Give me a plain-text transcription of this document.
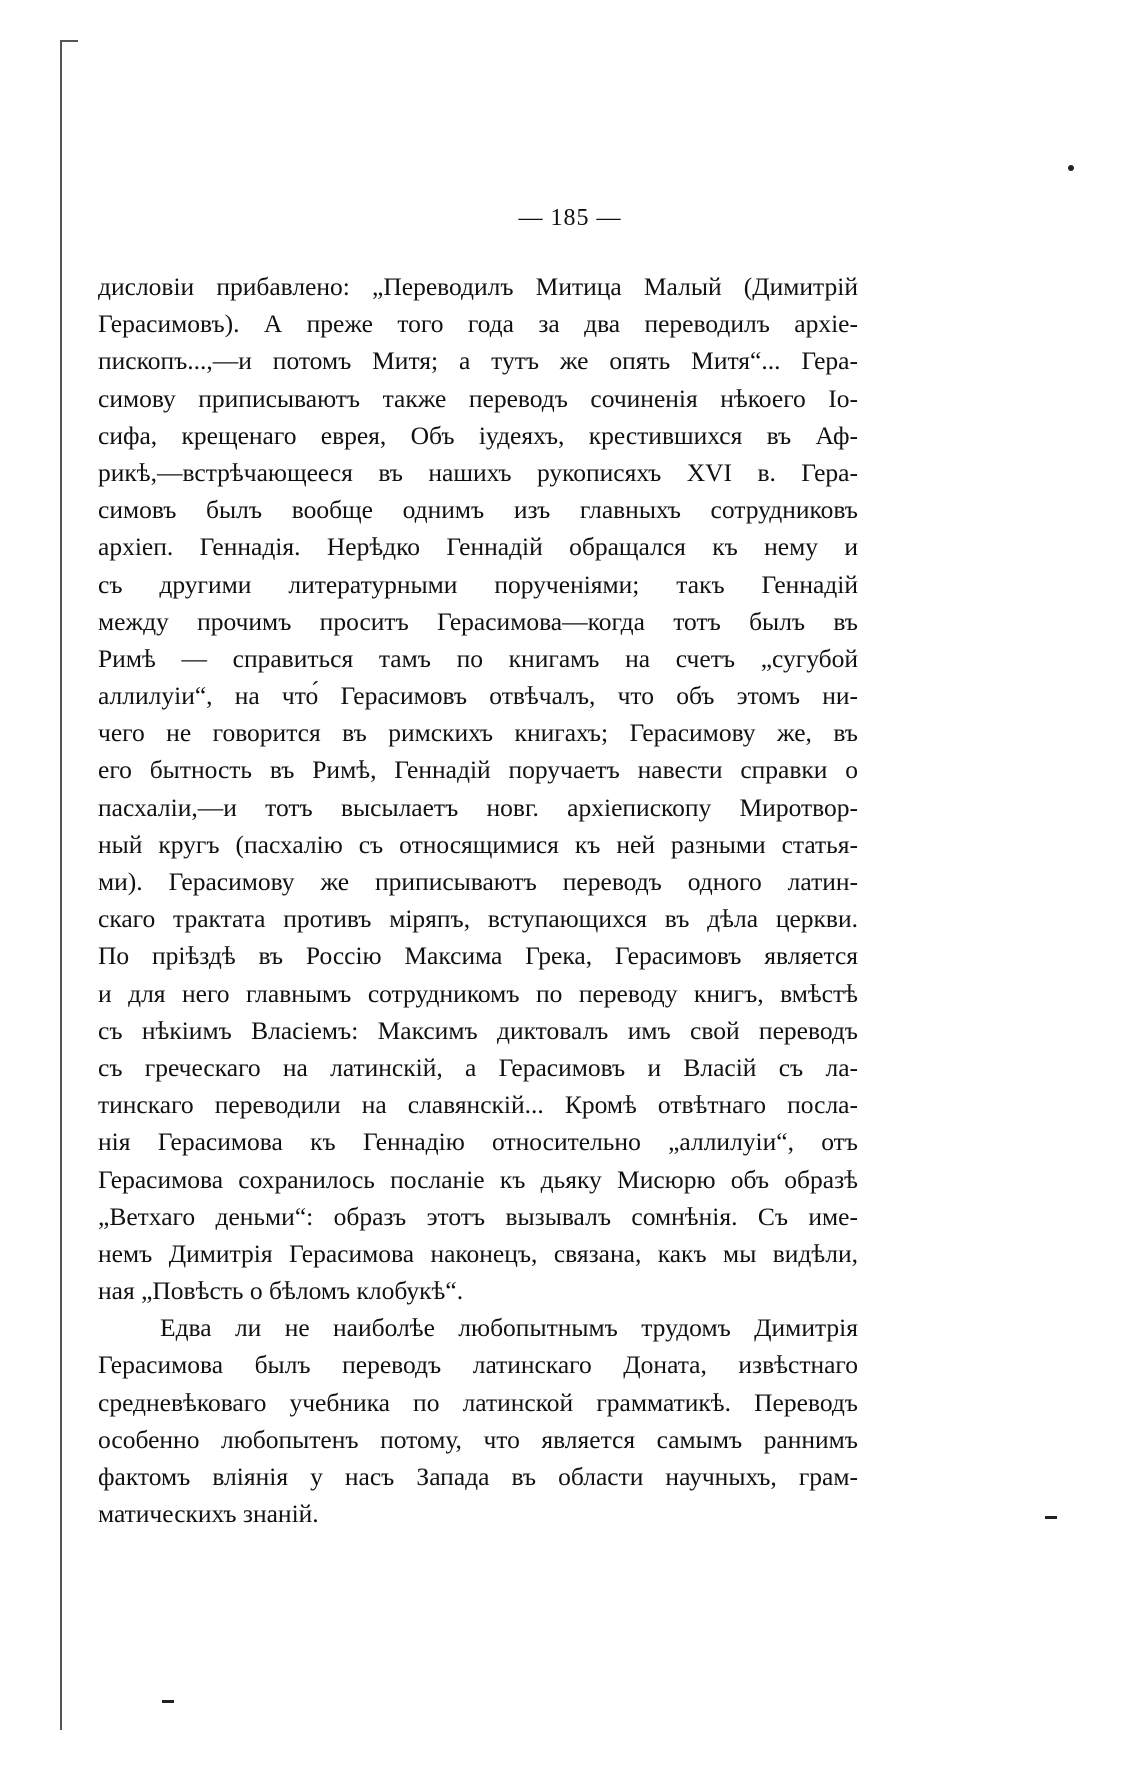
— 185 —
дисловіи прибавлено: „Переводилъ Митица Малый (Димитрій
Герасимовъ). А преже того года за два переводилъ архіе-
пископъ...,—и потомъ Митя; а тутъ же опять Митя“... Гера-
симову приписываютъ также переводъ сочиненія нѣкоего Іо-
сифа, крещенаго еврея, Объ іудеяхъ, крестившихся въ Аф-
рикѣ,—встрѣчающееся въ нашихъ рукописяхъ XVI в. Гера-
симовъ былъ вообще однимъ изъ главныхъ сотрудниковъ
архіеп. Геннадія. Нерѣдко Геннадій обращался къ нему и
съ другими литературными порученіями; такъ Геннадій
между прочимъ проситъ Герасимова—когда тотъ былъ въ
Римѣ — справиться тамъ по книгамъ на счетъ „сугубой
аллилуіи“, на что́ Герасимовъ отвѣчалъ, что объ этомъ ни-
чего не говорится въ римскихъ книгахъ; Герасимову же, въ
его бытность въ Римѣ, Геннадій поручаетъ навести справки о
пасхаліи,—и тотъ высылаетъ новг. архіепископу Миротвор-
ный кругъ (пасхалію съ относящимися къ ней разными статья-
ми). Герасимову же приписываютъ переводъ одного латин-
скаго трактата противъ міряпъ, вступающихся въ дѣла церкви.
По пріѣздѣ въ Россію Максима Грека, Герасимовъ является
и для него главнымъ сотрудникомъ по переводу книгъ, вмѣстѣ
съ нѣкіимъ Власіемъ: Максимъ диктовалъ имъ свой переводъ
съ греческаго на латинскій, а Герасимовъ и Власій съ ла-
тинскаго переводили на славянскій... Кромѣ отвѣтнаго посла-
нія Герасимова къ Геннадію относительно „аллилуіи“, отъ
Герасимова сохранилось посланіе къ дьяку Мисюрю объ образѣ
„Ветхаго деньми“: образъ этотъ вызывалъ сомнѣнія. Съ име-
немъ Димитрія Герасимова наконецъ, связана, какъ мы видѣли,
ная „Повѣсть о бѣломъ клобукѣ“.
Едва ли не наиболѣе любопытнымъ трудомъ Димитрія
Герасимова былъ переводъ латинскаго Доната, извѣстнаго
средневѣковаго учебника по латинской грамматикѣ. Переводъ
особенно любопытенъ потому, что является самымъ раннимъ
фактомъ вліянія у насъ Запада въ области научныхъ, грам-
матическихъ знаній.
